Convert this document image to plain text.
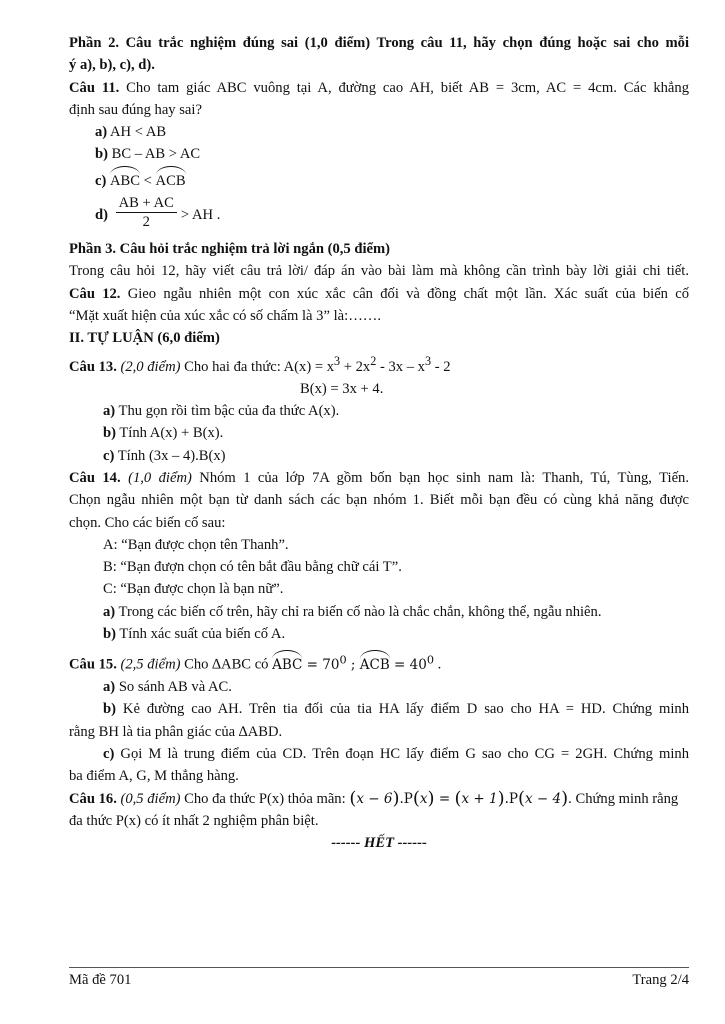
Phần 2. Câu trắc nghiệm đúng sai (1,0 điểm) Trong câu 11, hãy chọn đúng hoặc sai cho mỗi
ý a), b), c), d).
Câu 11. Cho tam giác ABC vuông tại A, đường cao AH, biết AB = 3cm, AC = 4cm. Các khẳng
định sau đúng hay sai?
a) AH < AB
b) BC – AB > AC
c) ABC < ACB
d)
$\frac{AB + AC}{2}$ > AH .
Phần 3. Câu hỏi trắc nghiệm trả lời ngắn (0,5 điểm)
Trong câu hỏi 12, hãy viết câu trả lời/ đáp án vào bài làm mà không cần trình bày lời giải chi tiết.
Câu 12. Gieo ngẫu nhiên một con xúc xắc cân đối và đồng chất một lần. Xác suất của biến cố
“Mặt xuất hiện của xúc xắc có số chấm là 3” là:…….
II. TỰ LUẬN (6,0 điểm)
Câu 13. (2,0 điểm) Cho hai đa thức: $A(x) = x^3 + 2x^2 - 3x - x^3 - 2$
B(x) = 3x + 4.
a) Thu gọn rồi tìm bậc của đa thức A(x).
b) Tính A(x) + B(x).
c) Tính (3x – 4).B(x)
Câu 14. (1,0 điểm) Nhóm 1 của lớp 7A gồm bốn bạn học sinh nam là: Thanh, Tú, Tùng, Tiến.
Chọn ngẫu nhiên một bạn từ danh sách các bạn nhóm 1. Biết mỗi bạn đều có cùng khả năng được
chọn. Cho các biến cố sau:
A: “Bạn được chọn tên Thanh”.
B: “Bạn đượn chọn có tên bắt đầu bằng chữ cái T”.
C: “Bạn được chọn là bạn nữ”.
a) Trong các biến cố trên, hãy chỉ ra biến cố nào là chắc chắn, không thể, ngẫu nhiên.
b) Tính xác suất của biến cố A.
Câu 15. (2,5 điểm) Cho ∆ABC có ABC = $70^0$ ; ACB = $40^0$ .
a) So sánh AB và AC.
b) Kẻ đường cao AH. Trên tia đối của tia HA lấy điểm D sao cho HA = HD. Chứng minh
rằng BH là tia phân giác của ∆ABD.
c) Gọi M là trung điểm của CD. Trên đoạn HC lấy điểm G sao cho CG = 2GH. Chứng minh
ba điểm A, G, M thẳng hàng.
Câu 16. (0,5 điểm) Cho đa thức P(x) thỏa mãn: (x − 6).P(x) = (x + 1).P(x − 4). Chứng minh rằng
đa thức P(x) có ít nhất 2 nghiệm phân biệt.
------ HẾT ------
Mã đề 701	Trang 2/4
